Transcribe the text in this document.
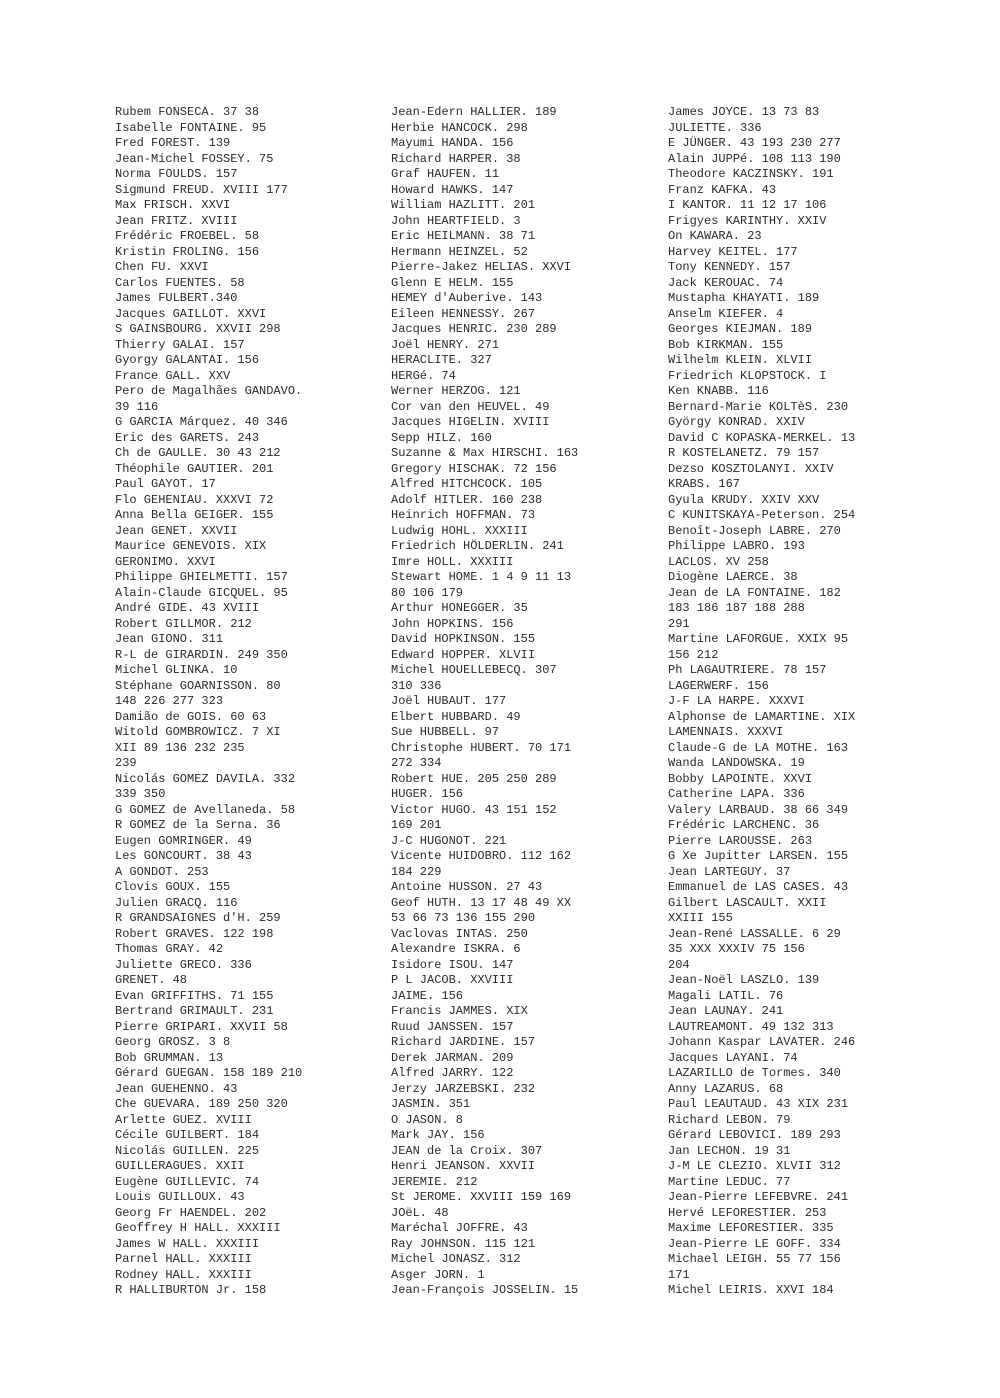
Rubem FONSECA. 37 38
Isabelle FONTAINE. 95
Fred FOREST. 139
Jean-Michel FOSSEY. 75
Norma FOULDS. 157
Sigmund FREUD. XVIII 177
Max FRISCH. XXVI
Jean FRITZ. XVIII
Frédéric FROEBEL. 58
Kristin FROLING. 156
Chen FU. XXVI
Carlos FUENTES. 58
James FULBERT.340
Jacques GAILLOT. XXVI
S GAINSBOURG. XXVII 298
Thierry GALAI. 157
Gyorgy GALANTAI. 156
France GALL. XXV
Pero de Magalhães GANDAVO.
39 116
G GARCIA Márquez. 40 346
Eric des GARETS. 243
Ch de GAULLE. 30 43 212
Théophile GAUTIER. 201
Paul GAYOT. 17
Flo GEHENIAU. XXXVI 72
Anna Bella GEIGER. 155
Jean GENET. XXVII
Maurice GENEVOIS. XIX
GERONIMO. XXVI
Philippe GHIELMETTI. 157
Alain-Claude GICQUEL. 95
André GIDE. 43 XVIII
Robert GILLMOR. 212
Jean GIONO. 311
R-L de GIRARDIN. 249 350
Michel GLINKA. 10
Stéphane GOARNISSON. 80
148 226 277 323
Damião de GOIS. 60 63
Witold GOMBROWICZ. 7 XI
XII 89 136 232 235
239
Nicolás GOMEZ DAVILA. 332
339 350
G GOMEZ de Avellaneda. 58
R GOMEZ de la Serna. 36
Eugen GOMRINGER. 49
Les GONCOURT. 38 43
A GONDOT. 253
Clovis GOUX. 155
Julien GRACQ. 116
R GRANDSAIGNES d'H. 259
Robert GRAVES. 122 198
Thomas GRAY. 42
Juliette GRECO. 336
GRENET. 48
Evan GRIFFITHS. 71 155
Bertrand GRIMAULT. 231
Pierre GRIPARI. XXVII 58
Georg GROSZ. 3 8
Bob GRUMMAN. 13
Gérard GUEGAN. 158 189 210
Jean GUEHENNO. 43
Che GUEVARA. 189 250 320
Arlette GUEZ. XVIII
Cécile GUILBERT. 184
Nicolás GUILLEN. 225
GUILLERAGUES. XXII
Eugène GUILLEVIC. 74
Louis GUILLOUX. 43
Georg Fr HAENDEL. 202
Geoffrey H HALL. XXXIII
James W HALL. XXXIII
Parnel HALL. XXXIII
Rodney HALL. XXXIII
R HALLIBURTON Jr. 158
Jean-Edern HALLIER. 189
Herbie HANCOCK. 298
Mayumi HANDA. 156
Richard HARPER. 38
Graf HAUFEN. 11
Howard HAWKS. 147
William HAZLITT. 201
John HEARTFIELD. 3
Eric HEILMANN. 38 71
Hermann HEINZEL. 52
Pierre-Jakez HELIAS. XXVI
Glenn E HELM. 155
HEMEY d'Auberive. 143
Eileen HENNESSY. 267
Jacques HENRIC. 230 289
Joël HENRY. 271
HERACLITE. 327
HERGé. 74
Werner HERZOG. 121
Cor van den HEUVEL. 49
Jacques HIGELIN. XVIII
Sepp HILZ. 160
Suzanne & Max HIRSCHI. 163
Gregory HISCHAK. 72 156
Alfred HITCHCOCK. 105
Adolf HITLER. 160 238
Heinrich HOFFMAN. 73
Ludwig HOHL. XXXIII
Friedrich HÖLDERLIN. 241
Imre HOLL. XXXIII
Stewart HOME. 1 4 9 11 13
80 106 179
Arthur HONEGGER. 35
John HOPKINS. 156
David HOPKINSON. 155
Edward HOPPER. XLVII
Michel HOUELLEBECQ. 307
310 336
Joël HUBAUT. 177
Elbert HUBBARD. 49
Sue HUBBELL. 97
Christophe HUBERT. 70 171
272 334
Robert HUE. 205 250 289
HUGER. 156
Victor HUGO. 43 151 152
169 201
J-C HUGONOT. 221
Vicente HUIDOBRO. 112 162
184 229
Antoine HUSSON. 27 43
Geof HUTH. 13 17 48 49 XX
53 66 73 136 155 290
Vaclovas INTAS. 250
Alexandre ISKRA. 6
Isidore ISOU. 147
P L JACOB. XXVIII
JAIME. 156
Francis JAMMES. XIX
Ruud JANSSEN. 157
Richard JARDINE. 157
Derek JARMAN. 209
Alfred JARRY. 122
Jerzy JARZEBSKI. 232
JASMIN. 351
O JASON. 8
Mark JAY. 156
JEAN de la Croix. 307
Henri JEANSON. XXVII
JEREMIE. 212
St JEROME. XXVIII 159 169
JOëL. 48
Maréchal JOFFRE. 43
Ray JOHNSON. 115 121
Michel JONASZ. 312
Asger JORN. 1
Jean-François JOSSELIN. 15
James JOYCE. 13 73 83
JULIETTE. 336
E JÜNGER. 43 193 230 277
Alain JUPPé. 108 113 190
Theodore KACZINSKY. 191
Franz KAFKA. 43
I KANTOR. 11 12 17 106
Frigyes KARINTHY. XXIV
On KAWARA. 23
Harvey KEITEL. 177
Tony KENNEDY. 157
Jack KEROUAC. 74
Mustapha KHAYATI. 189
Anselm KIEFER. 4
Georges KIEJMAN. 189
Bob KIRKMAN. 155
Wilhelm KLEIN. XLVII
Friedrich KLOPSTOCK. I
Ken KNABB. 116
Bernard-Marie KOLTèS. 230
György KONRAD. XXIV
David C KOPASKA-MERKEL. 13
R KOSTELANETZ. 79 157
Dezso KOSZTOLANYI. XXIV
KRABS. 167
Gyula KRUDY. XXIV XXV
C KUNITSKAYA-Peterson. 254
Benoît-Joseph LABRE. 270
Philippe LABRO. 193
LACLOS. XV 258
Diogène LAERCE. 38
Jean de LA FONTAINE. 182
183 186 187 188 288
291
Martine LAFORGUE. XXIX 95
156 212
Ph LAGAUTRIERE. 78 157
LAGERWERF. 156
J-F LA HARPE. XXXVI
Alphonse de LAMARTINE. XIX
LAMENNAIS. XXXVI
Claude-G de LA MOTHE. 163
Wanda LANDOWSKA. 19
Bobby LAPOINTE. XXVI
Catherine LAPA. 336
Valery LARBAUD. 38 66 349
Frédéric LARCHENC. 36
Pierre LAROUSSE. 263
G Xe Jupitter LARSEN. 155
Jean LARTEGUY. 37
Emmanuel de LAS CASES. 43
Gilbert LASCAULT. XXII
XXIII 155
Jean-René LASSALLE. 6 29
35 XXX XXXIV 75 156
204
Jean-Noël LASZLO. 139
Magali LATIL. 76
Jean LAUNAY. 241
LAUTREAMONT. 49 132 313
Johann Kaspar LAVATER. 246
Jacques LAYANI. 74
LAZARILLO de Tormes. 340
Anny LAZARUS. 68
Paul LEAUTAUD. 43 XIX 231
Richard LEBON. 79
Gérard LEBOVICI. 189 293
Jan LECHON. 19 31
J-M LE CLEZIO. XLVII 312
Martine LEDUC. 77
Jean-Pierre LEFEBVRE. 241
Hervé LEFORESTIER. 253
Maxime LEFORESTIER. 335
Jean-Pierre LE GOFF. 334
Michael LEIGH. 55 77 156
171
Michel LEIRIS. XXVI 184
